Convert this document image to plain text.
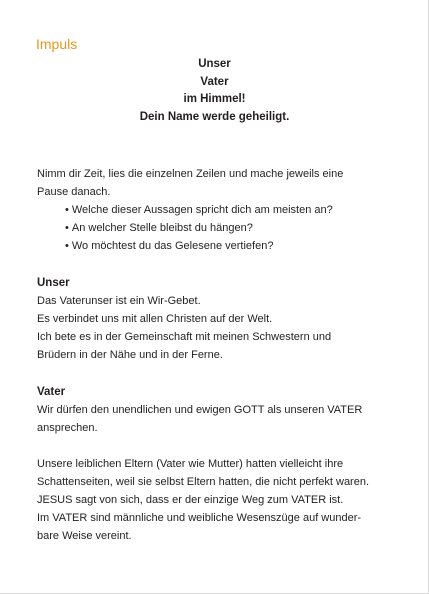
Impuls
Unser
Vater
im Himmel!
Dein Name werde geheiligt.
Nimm dir Zeit, lies die einzelnen Zeilen und mache jeweils eine
Pause danach.
• Welche dieser Aussagen spricht dich am meisten an?
• An welcher Stelle bleibst du hängen?
• Wo möchtest du das Gelesene vertiefen?
Unser
Das Vaterunser ist ein Wir-Gebet.
Es verbindet uns mit allen Christen auf der Welt.
Ich bete es in der Gemeinschaft mit meinen Schwestern und
Brüdern in der Nähe und in der Ferne.
Vater
Wir dürfen den unendlichen und ewigen GOTT als unseren VATER
ansprechen.
Unsere leiblichen Eltern (Vater wie Mutter) hatten vielleicht ihre
Schattenseiten, weil sie selbst Eltern hatten, die nicht perfekt waren.
JESUS sagt von sich, dass er der einzige Weg zum VATER ist.
Im VATER sind männliche und weibliche Wesenszüge auf wunder-
bare Weise vereint.
